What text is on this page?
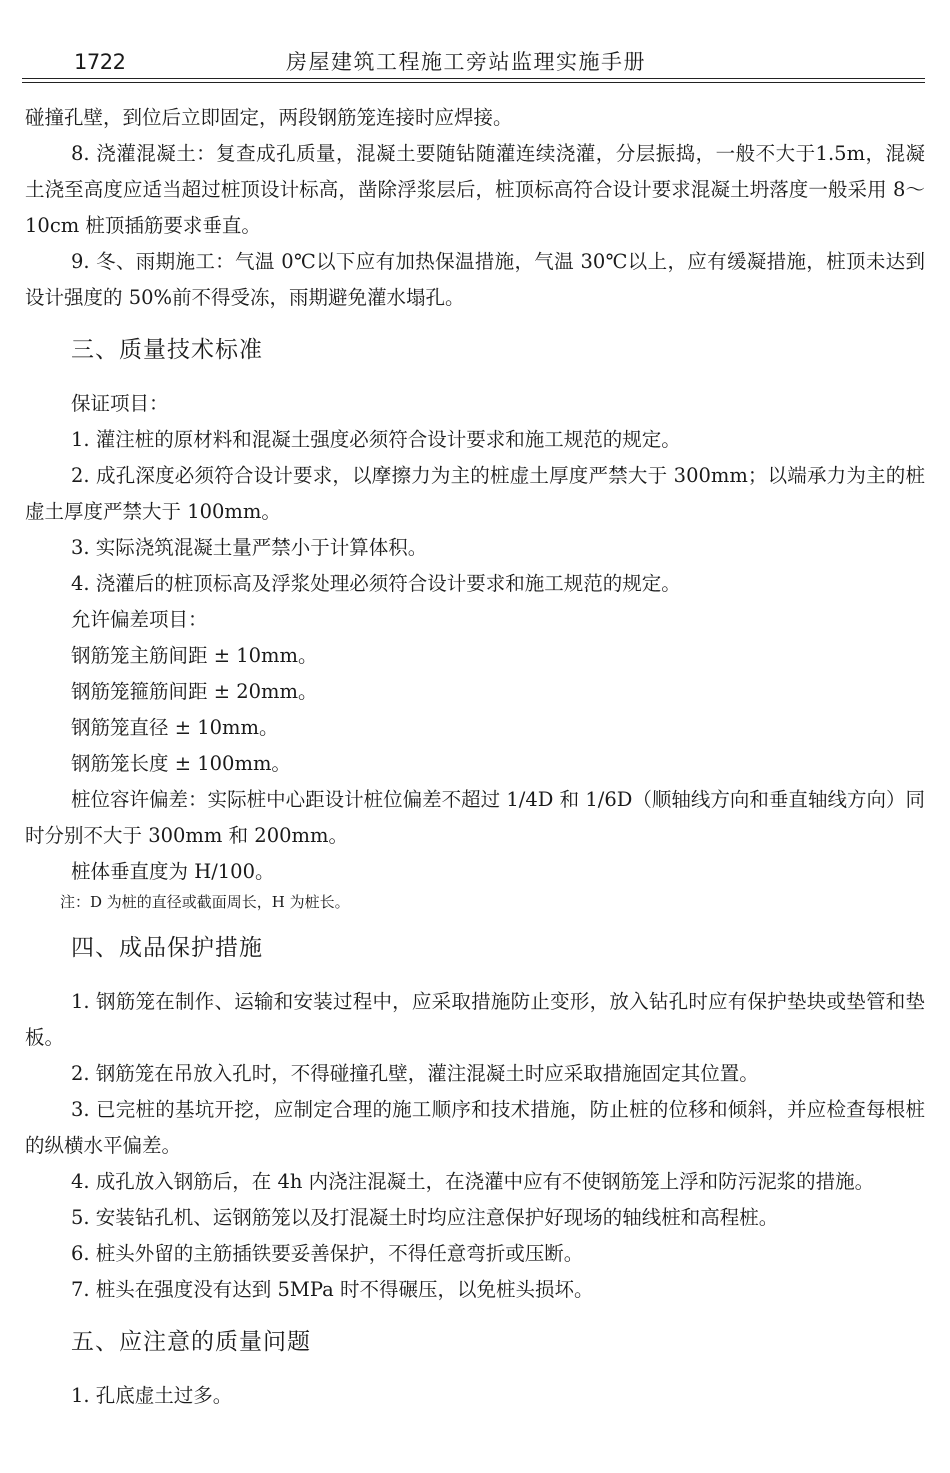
1722	房屋建筑工程施工旁站监理实施手册

碰撞孔壁，到位后立即固定，两段钢筋笼连接时应焊接。

8. 浇灌混凝土：复查成孔质量，混凝土要随钻随灌连续浇灌，分层振捣，一般不大于1.5m，混凝土浇至高度应适当超过桩顶设计标高，凿除浮浆层后，桩顶标高符合设计要求混凝土坍落度一般采用 8～10cm 桩顶插筋要求垂直。

9. 冬、雨期施工：气温 0℃以下应有加热保温措施，气温 30℃以上，应有缓凝措施，桩顶未达到设计强度的 50%前不得受冻，雨期避免灌水塌孔。

三、质量技术标准

保证项目：

1. 灌注桩的原材料和混凝土强度必须符合设计要求和施工规范的规定。

2. 成孔深度必须符合设计要求，以摩擦力为主的桩虚土厚度严禁大于 300mm；以端承力为主的桩虚土厚度严禁大于 100mm。

3. 实际浇筑混凝土量严禁小于计算体积。

4. 浇灌后的桩顶标高及浮浆处理必须符合设计要求和施工规范的规定。

允许偏差项目：

钢筋笼主筋间距 ± 10mm。

钢筋笼箍筋间距 ± 20mm。

钢筋笼直径 ± 10mm。

钢筋笼长度 ± 100mm。

桩位容许偏差：实际桩中心距设计桩位偏差不超过 1/4D 和 1/6D（顺轴线方向和垂直轴线方向）同时分别不大于 300mm 和 200mm。

桩体垂直度为 H/100。

注：D 为桩的直径或截面周长，H 为桩长。

四、成品保护措施

1. 钢筋笼在制作、运输和安装过程中，应采取措施防止变形，放入钻孔时应有保护垫块或垫管和垫板。

2. 钢筋笼在吊放入孔时，不得碰撞孔壁，灌注混凝土时应采取措施固定其位置。

3. 已完桩的基坑开挖，应制定合理的施工顺序和技术措施，防止桩的位移和倾斜，并应检查每根桩的纵横水平偏差。

4. 成孔放入钢筋后，在 4h 内浇注混凝土，在浇灌中应有不使钢筋笼上浮和防污泥浆的措施。

5. 安装钻孔机、运钢筋笼以及打混凝土时均应注意保护好现场的轴线桩和高程桩。

6. 桩头外留的主筋插铁要妥善保护，不得任意弯折或压断。

7. 桩头在强度没有达到 5MPa 时不得碾压，以免桩头损坏。

五、应注意的质量问题

1. 孔底虚土过多。
